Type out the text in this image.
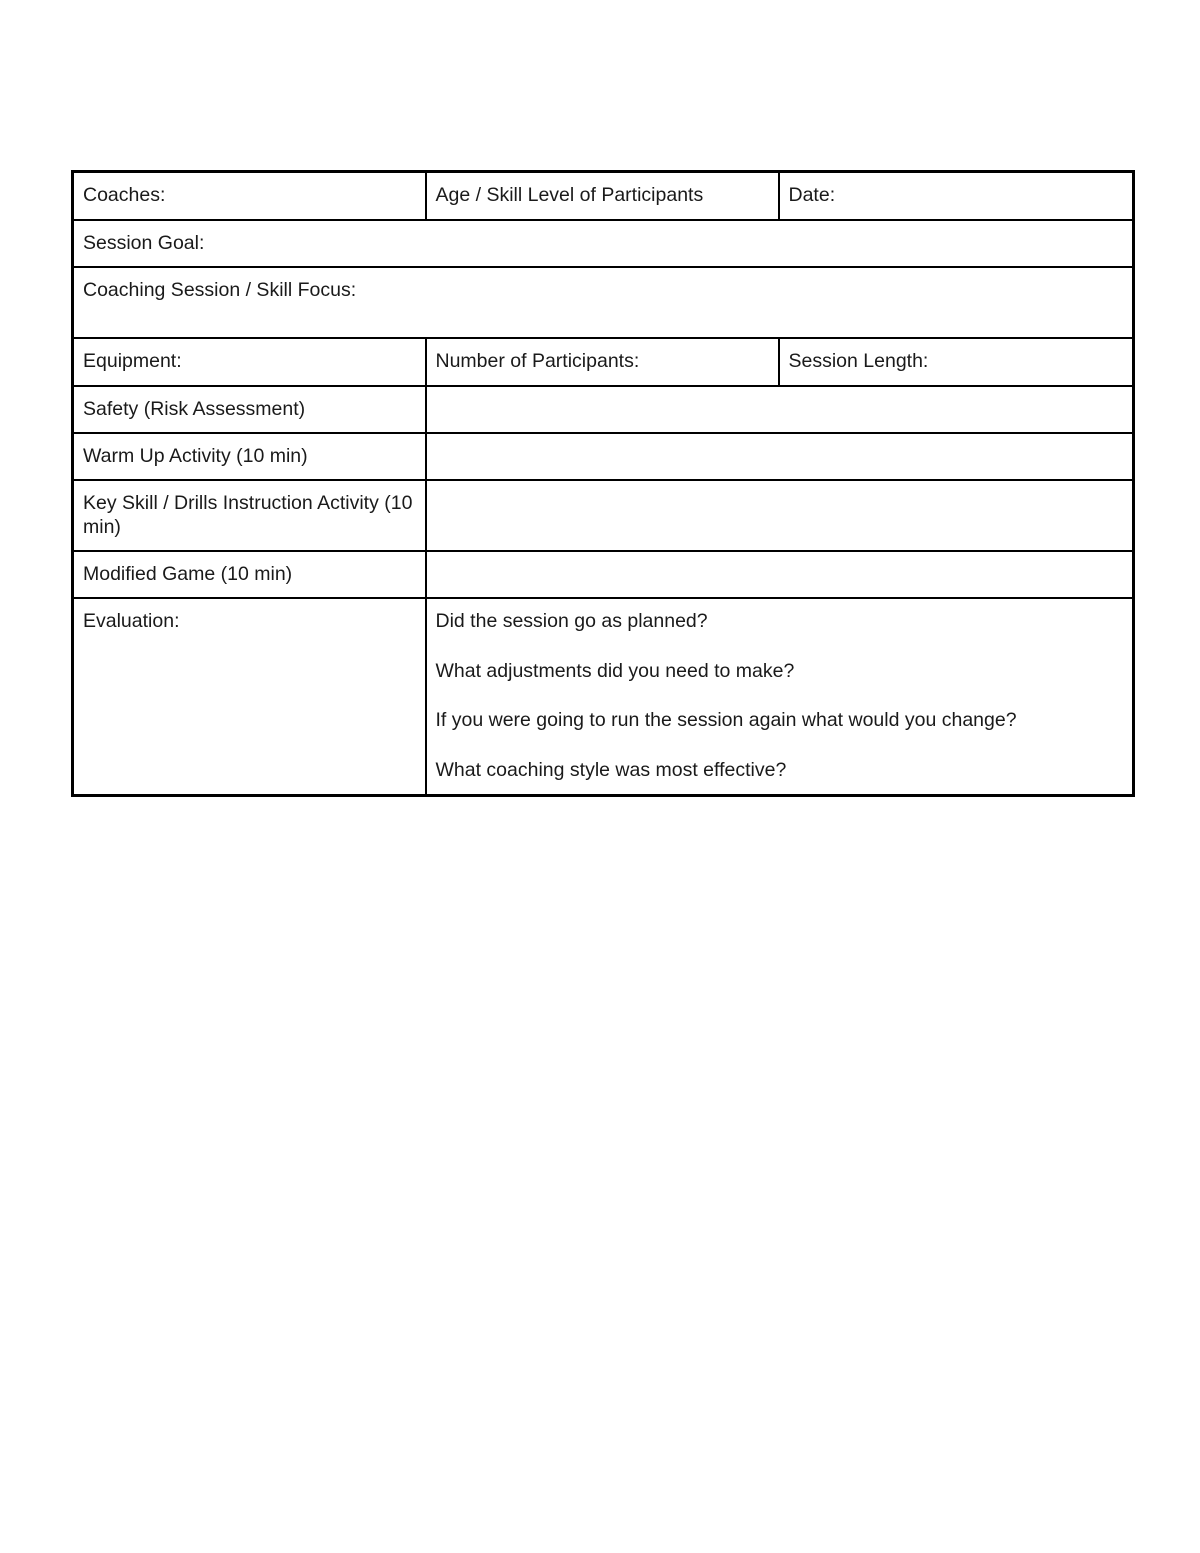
Coaches:	Age / Skill Level of Participants	Date:
Session Goal:		
Coaching Session / Skill Focus:		
Equipment:	Number of Participants:	Session Length:
Safety (Risk Assessment)		
Warm Up Activity (10 min)		
Key Skill / Drills Instruction Activity (10 min)		
Modified Game (10 min)		
Evaluation:	Did the session go as planned?
What adjustments did you need to make?
If you were going to run the session again what would you change?
What coaching style was most effective?	
